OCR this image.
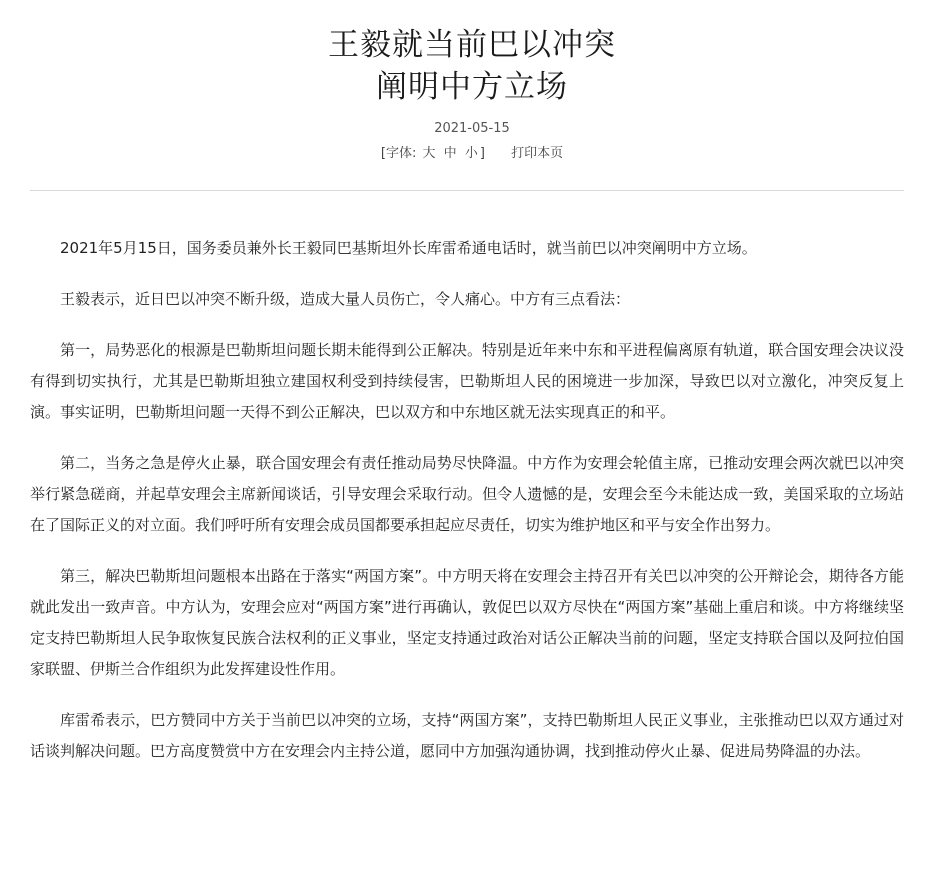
王毅就当前巴以冲突
阐明中方立场
2021-05-15
[字体: 大 中 小 ] 打印本页

2021年5月15日，国务委员兼外长王毅同巴基斯坦外长库雷希通电话时，就当前巴以冲突阐明中方立场。

王毅表示，近日巴以冲突不断升级，造成大量人员伤亡，令人痛心。中方有三点看法：

第一，局势恶化的根源是巴勒斯坦问题长期未能得到公正解决。特别是近年来中东和平进程偏离原有轨道，联合国安理会决议没有得到切实执行，尤其是巴勒斯坦独立建国权利受到持续侵害，巴勒斯坦人民的困境进一步加深，导致巴以对立激化，冲突反复上演。事实证明，巴勒斯坦问题一天得不到公正解决，巴以双方和中东地区就无法实现真正的和平。

第二，当务之急是停火止暴，联合国安理会有责任推动局势尽快降温。中方作为安理会轮值主席，已推动安理会两次就巴以冲突举行紧急磋商，并起草安理会主席新闻谈话，引导安理会采取行动。但令人遗憾的是，安理会至今未能达成一致，美国采取的立场站在了国际正义的对立面。我们呼吁所有安理会成员国都要承担起应尽责任，切实为维护地区和平与安全作出努力。

第三，解决巴勒斯坦问题根本出路在于落实“两国方案”。中方明天将在安理会主持召开有关巴以冲突的公开辩论会，期待各方能就此发出一致声音。中方认为，安理会应对“两国方案”进行再确认，敦促巴以双方尽快在“两国方案”基础上重启和谈。中方将继续坚定支持巴勒斯坦人民争取恢复民族合法权利的正义事业，坚定支持通过政治对话公正解决当前的问题，坚定支持联合国以及阿拉伯国家联盟、伊斯兰合作组织为此发挥建设性作用。

库雷希表示，巴方赞同中方关于当前巴以冲突的立场，支持“两国方案”，支持巴勒斯坦人民正义事业，主张推动巴以双方通过对话谈判解决问题。巴方高度赞赏中方在安理会内主持公道，愿同中方加强沟通协调，找到推动停火止暴、促进局势降温的办法。
